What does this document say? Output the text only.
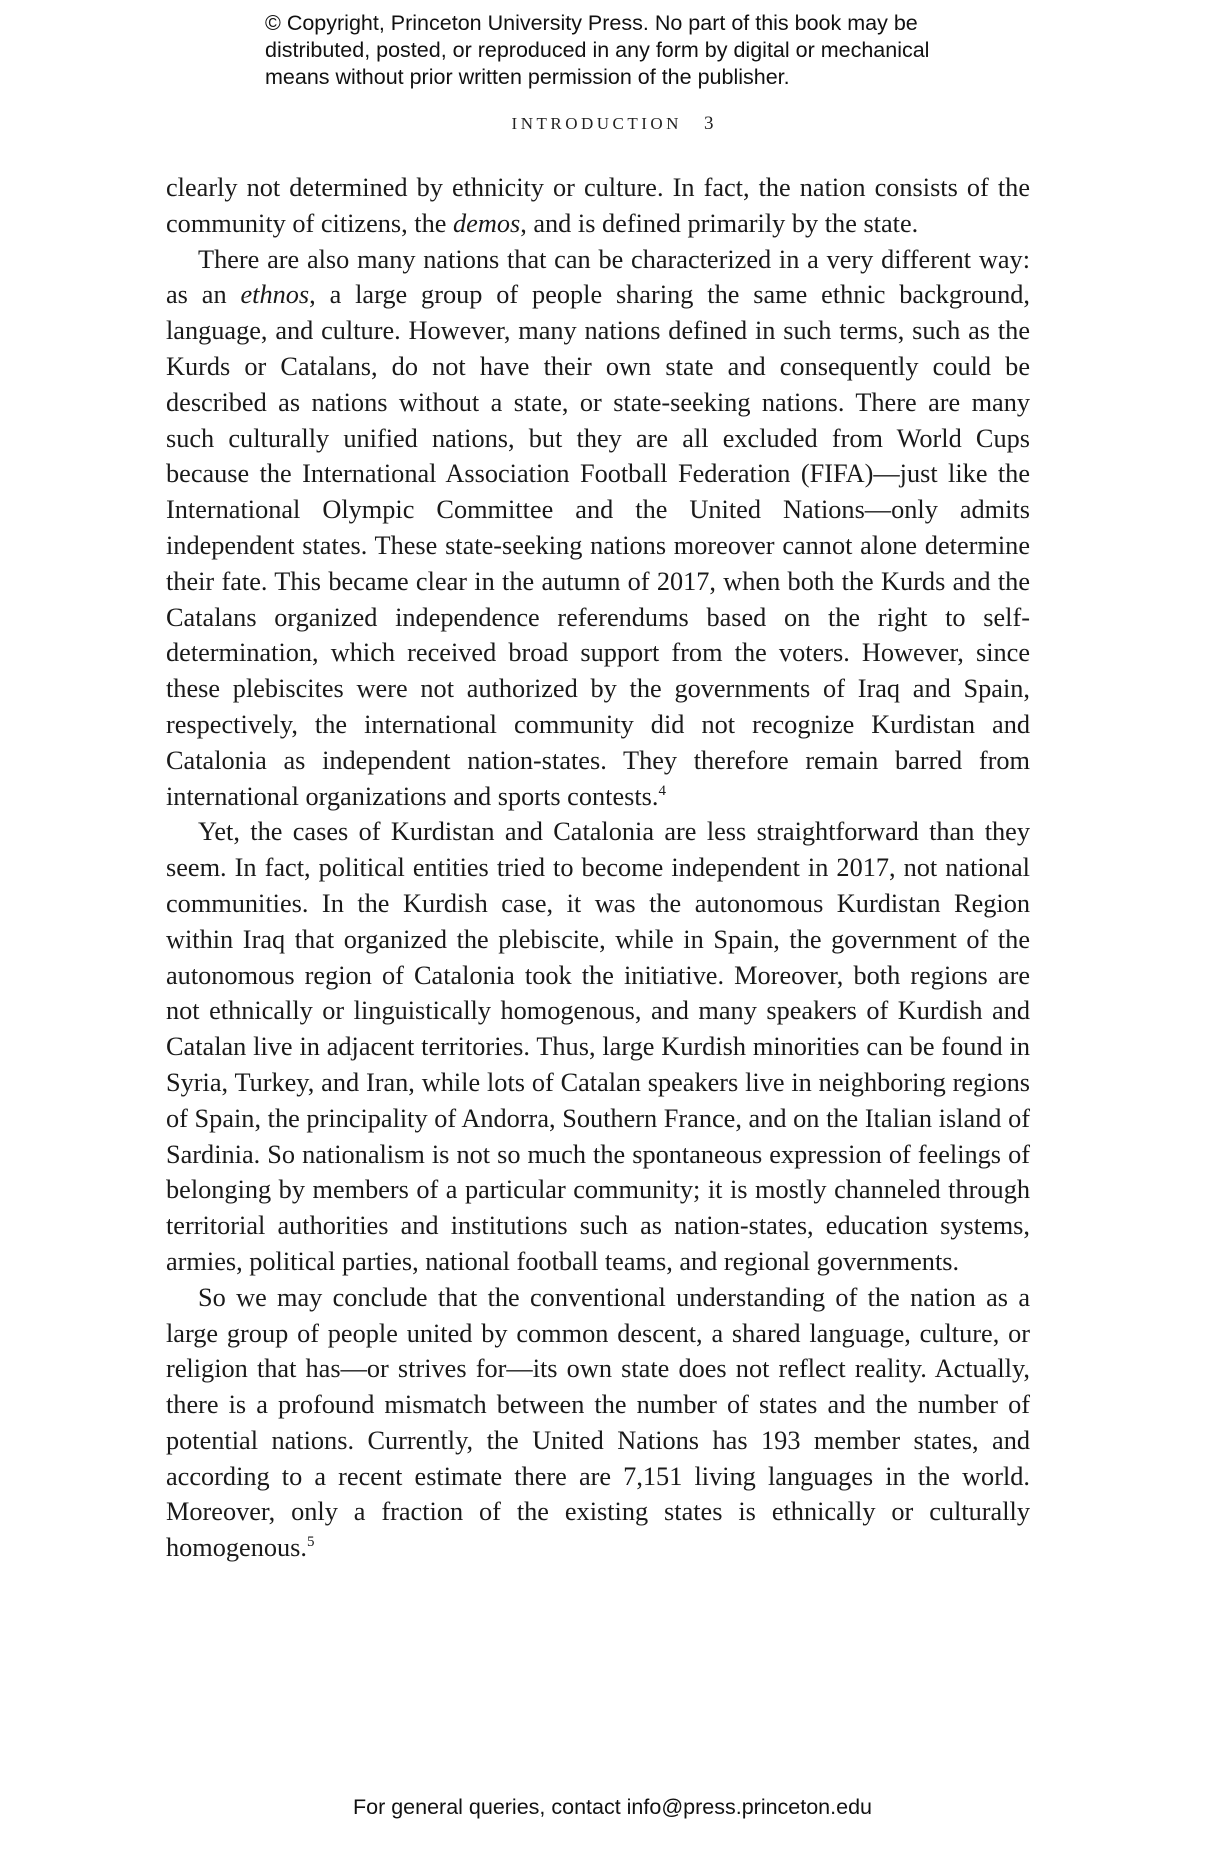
© Copyright, Princeton University Press. No part of this book may be
distributed, posted, or reproduced in any form by digital or mechanical
means without prior written permission of the publisher.
INTRODUCTION 3

clearly not determined by ethnicity or culture. In fact, the nation consists of the community of citizens, the demos, and is defined primarily by the state.

There are also many nations that can be characterized in a very different way: as an ethnos, a large group of people sharing the same ethnic background, language, and culture. However, many nations defined in such terms, such as the Kurds or Catalans, do not have their own state and consequently could be described as nations without a state, or state-seeking nations. There are many such culturally unified nations, but they are all excluded from World Cups because the International Association Football Federation (FIFA)—just like the International Olympic Committee and the United Nations—only admits independent states. These state-seeking nations moreover cannot alone determine their fate. This became clear in the autumn of 2017, when both the Kurds and the Catalans organized independence referendums based on the right to self-determination, which received broad support from the voters. However, since these plebiscites were not authorized by the governments of Iraq and Spain, respectively, the international community did not recognize Kurdistan and Catalonia as independent nation-states. They therefore remain barred from international organizations and sports contests.$^4$

Yet, the cases of Kurdistan and Catalonia are less straightforward than they seem. In fact, political entities tried to become independent in 2017, not national communities. In the Kurdish case, it was the autonomous Kurdistan Region within Iraq that organized the plebiscite, while in Spain, the government of the autonomous region of Catalonia took the initiative. Moreover, both regions are not ethnically or linguistically homogenous, and many speakers of Kurdish and Catalan live in adjacent territories. Thus, large Kurdish minorities can be found in Syria, Turkey, and Iran, while lots of Catalan speakers live in neighboring regions of Spain, the principality of Andorra, Southern France, and on the Italian island of Sardinia. So nationalism is not so much the spontaneous expression of feelings of belonging by members of a particular community; it is mostly channeled through territorial authorities and institutions such as nation-states, education systems, armies, political parties, national football teams, and regional governments.

So we may conclude that the conventional understanding of the nation as a large group of people united by common descent, a shared language, culture, or religion that has—or strives for—its own state does not reflect reality. Actually, there is a profound mismatch between the number of states and the number of potential nations. Currently, the United Nations has 193 member states, and according to a recent estimate there are 7,151 living languages in the world. Moreover, only a fraction of the existing states is ethnically or culturally homogenous.$^5$

For general queries, contact info@press.princeton.edu
